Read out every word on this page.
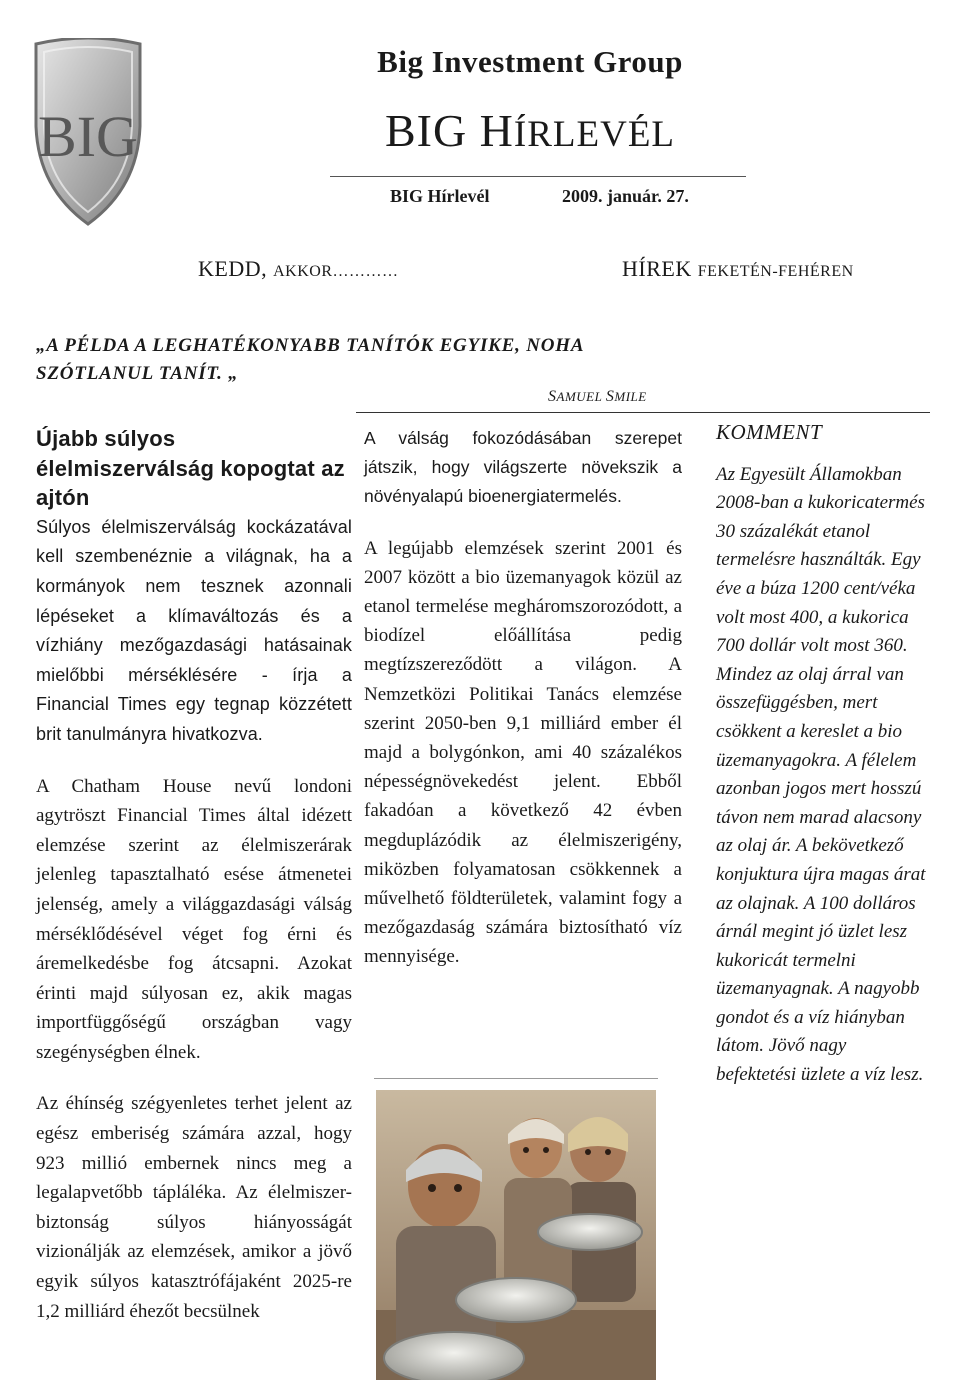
BIG
Big Investment Group
BIG HÍRLEVÉL
BIG Hírlevél	2009. január. 27.
KEDD, AKKOR…………	HÍREK FEKETÉN-FEHÉREN
„A PÉLDA A LEGHATÉKONYABB TANÍTÓK EGYIKE, NOHA SZÓTLANUL TANÍT. „
SAMUEL SMILE
Újabb súlyos élelmiszerválság kopogtat az ajtón

Súlyos élelmiszerválság kockázatával kell szembenéznie a világnak, ha a kormányok nem tesznek azonnali lépéseket a klímaváltozás és a vízhiány mezőgazdasági hatásainak mielőbbi mérséklésére - írja a Financial Times egy tegnap közzétett brit tanulmányra hivatkozva.

A Chatham House nevű londoni agytröszt Financial Times által idézett elemzése szerint az élelmiszerárak jelenleg tapasztalható esése átmenetei jelenség, amely a világgazdasági válság mérséklődésével véget fog érni és áremelkedésbe fog átcsapni. Azokat érinti majd súlyosan ez, akik magas importfüggőségű országban vagy szegénységben élnek.

Az éhínség szégyenletes terhet jelent az egész emberiség számára azzal, hogy 923 millió embernek nincs meg a legalapvetőbb tápláléka. Az élelmiszer-biztonság súlyos hiányosságát vizionálják az elemzések, amikor a jövő egyik súlyos katasztrófájaként 2025-re 1,2 milliárd éhezőt becsülnek

A válság fokozódásában szerepet játszik, hogy világszerte növekszik a növényalapú bioenergiatermelés.

A legújabb elemzések szerint 2001 és 2007 között a bio üzemanyagok közül az etanol termelése megháromszorozódott, a biodízel előállítása pedig megtízszereződött a világon. A Nemzetközi Politikai Tanács elemzése szerint 2050-ben 9,1 milliárd ember él majd a bolygónkon, ami 40 százalékos népességnövekedést jelent. Ebből fakadóan a következő 42 évben megduplázódik az élelmiszerigény, miközben folyamatosan csökkennek a művelhető földterületek, valamint fogy a mezőgazdaság számára biztosítható víz mennyisége.

KOMMENT

Az Egyesült Államokban 2008-ban a kukoricatermés 30 százalékát etanol termelésre használták. Egy éve a búza 1200 cent/véka volt most 400, a kukorica 700 dollár volt most 360. Mindez az olaj árral van összefüggésben, mert csökkent a kereslet a bio üzemanyagokra. A félelem azonban jogos mert hosszú távon nem marad alacsony az olaj ár. A bekövetkező konjuktura újra magas árat az olajnak. A 100 dolláros árnál megint jó üzlet lesz kukoricát termelni üzemanyagnak. A nagyobb gondot és a víz hiányban látom. Jövő nagy befektetési üzlete a víz lesz.
